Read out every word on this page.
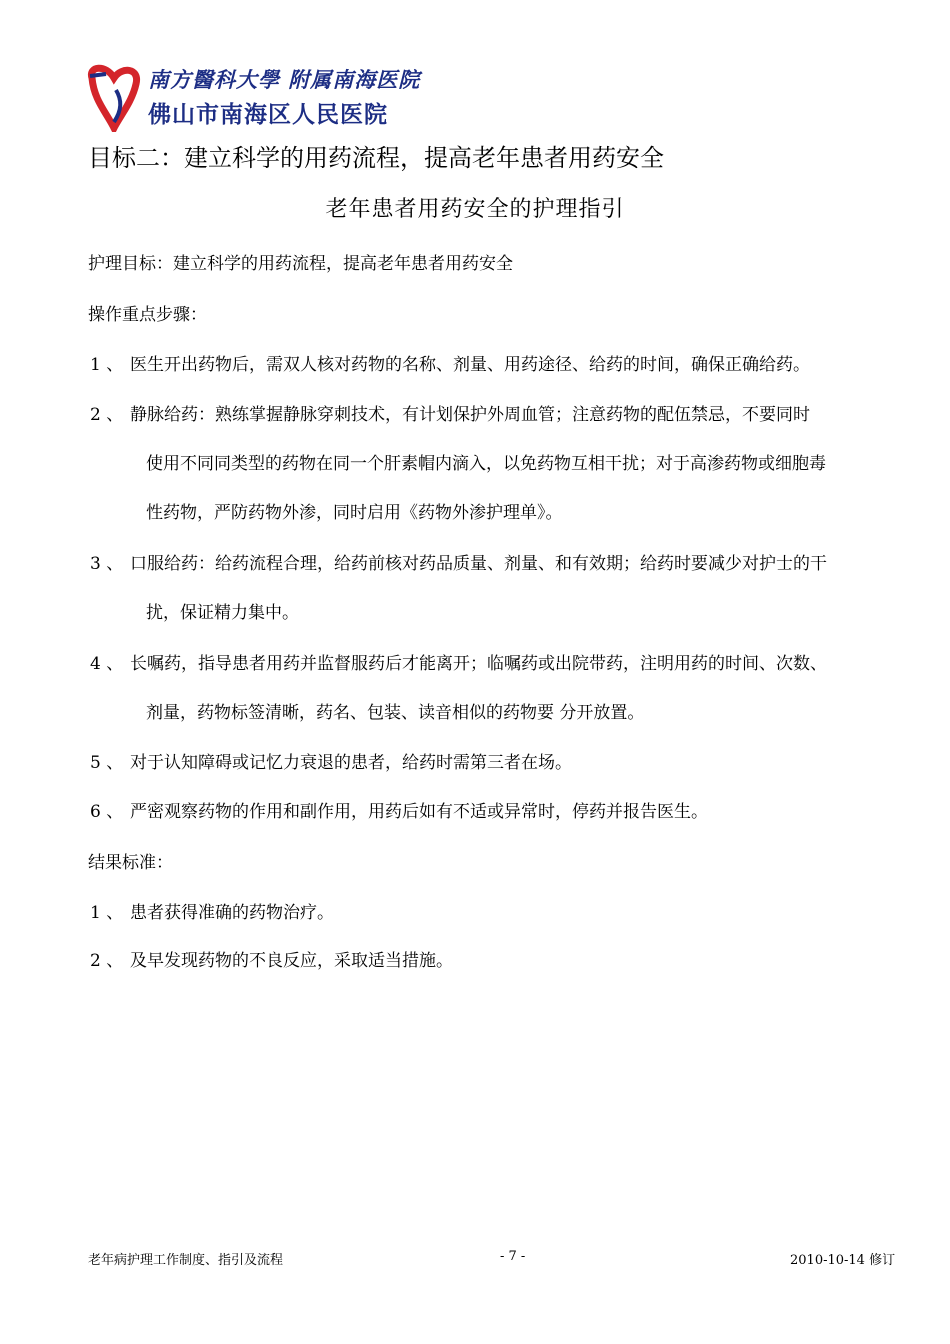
南方醫科大學 附属南海医院
佛山市南海区人民医院
目标二：建立科学的用药流程，提高老年患者用药安全
老年患者用药安全的护理指引
护理目标：建立科学的用药流程，提高老年患者用药安全
操作重点步骤：
1 、 医生开出药物后，需双人核对药物的名称、剂量、用药途径、给药的时间，确保正确给药。
2 、 静脉给药：熟练掌握静脉穿刺技术，有计划保护外周血管；注意药物的配伍禁忌，不要同时
使用不同同类型的药物在同一个肝素帽内滴入，以免药物互相干扰；对于高渗药物或细胞毒
性药物，严防药物外渗，同时启用《药物外渗护理单》。
3 、 口服给药：给药流程合理，给药前核对药品质量、剂量、和有效期；给药时要减少对护士的干
扰，保证精力集中。
4 、 长嘱药，指导患者用药并监督服药后才能离开；临嘱药或出院带药，注明用药的时间、次数、
剂量，药物标签清晰，药名、包装、读音相似的药物要 分开放置。
5 、 对于认知障碍或记忆力衰退的患者，给药时需第三者在场。
6 、 严密观察药物的作用和副作用，用药后如有不适或异常时，停药并报告医生。
结果标准：
1 、 患者获得准确的药物治疗。
2 、 及早发现药物的不良反应，采取适当措施。
老年病护理工作制度、指引及流程	- 7 -	2010-10-14 修订
